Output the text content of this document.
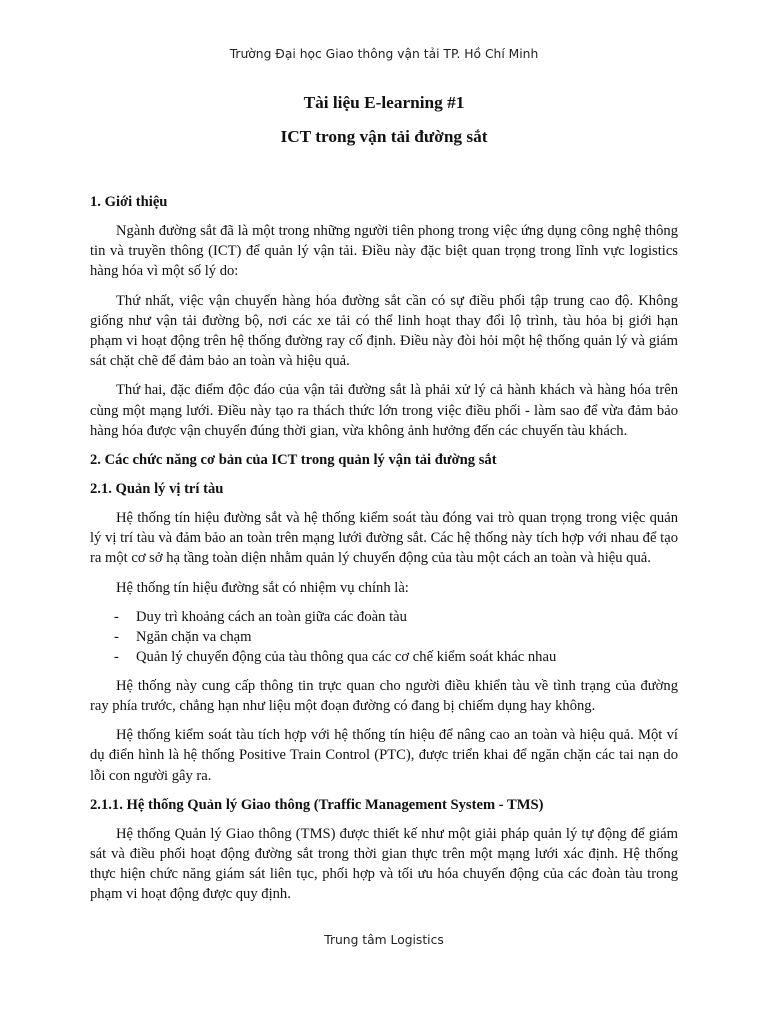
Trường Đại học Giao thông vận tải TP. Hồ Chí Minh

Tài liệu E-learning #1

ICT trong vận tải đường sắt

1. Giới thiệu

Ngành đường sắt đã là một trong những người tiên phong trong việc ứng dụng công nghệ thông tin và truyền thông (ICT) để quản lý vận tải. Điều này đặc biệt quan trọng trong lĩnh vực logistics hàng hóa vì một số lý do:

Thứ nhất, việc vận chuyển hàng hóa đường sắt cần có sự điều phối tập trung cao độ. Không giống như vận tải đường bộ, nơi các xe tải có thể linh hoạt thay đổi lộ trình, tàu hỏa bị giới hạn phạm vi hoạt động trên hệ thống đường ray cố định. Điều này đòi hỏi một hệ thống quản lý và giám sát chặt chẽ để đảm bảo an toàn và hiệu quả.

Thứ hai, đặc điểm độc đáo của vận tải đường sắt là phải xử lý cả hành khách và hàng hóa trên cùng một mạng lưới. Điều này tạo ra thách thức lớn trong việc điều phối - làm sao để vừa đảm bảo hàng hóa được vận chuyển đúng thời gian, vừa không ảnh hưởng đến các chuyến tàu khách.

2. Các chức năng cơ bản của ICT trong quản lý vận tải đường sắt
2.1. Quản lý vị trí tàu

Hệ thống tín hiệu đường sắt và hệ thống kiểm soát tàu đóng vai trò quan trọng trong việc quản lý vị trí tàu và đảm bảo an toàn trên mạng lưới đường sắt. Các hệ thống này tích hợp với nhau để tạo ra một cơ sở hạ tầng toàn diện nhằm quản lý chuyển động của tàu một cách an toàn và hiệu quả.

Hệ thống tín hiệu đường sắt có nhiệm vụ chính là:

- Duy trì khoảng cách an toàn giữa các đoàn tàu
- Ngăn chặn va chạm
- Quản lý chuyển động của tàu thông qua các cơ chế kiểm soát khác nhau

Hệ thống này cung cấp thông tin trực quan cho người điều khiển tàu về tình trạng của đường ray phía trước, chẳng hạn như liệu một đoạn đường có đang bị chiếm dụng hay không.

Hệ thống kiểm soát tàu tích hợp với hệ thống tín hiệu để nâng cao an toàn và hiệu quả. Một ví dụ điển hình là hệ thống Positive Train Control (PTC), được triển khai để ngăn chặn các tai nạn do lỗi con người gây ra.

2.1.1. Hệ thống Quản lý Giao thông (Traffic Management System - TMS)

Hệ thống Quản lý Giao thông (TMS) được thiết kế như một giải pháp quản lý tự động để giám sát và điều phối hoạt động đường sắt trong thời gian thực trên một mạng lưới xác định. Hệ thống thực hiện chức năng giám sát liên tục, phối hợp và tối ưu hóa chuyển động của các đoàn tàu trong phạm vi hoạt động được quy định.

Trung tâm Logistics
